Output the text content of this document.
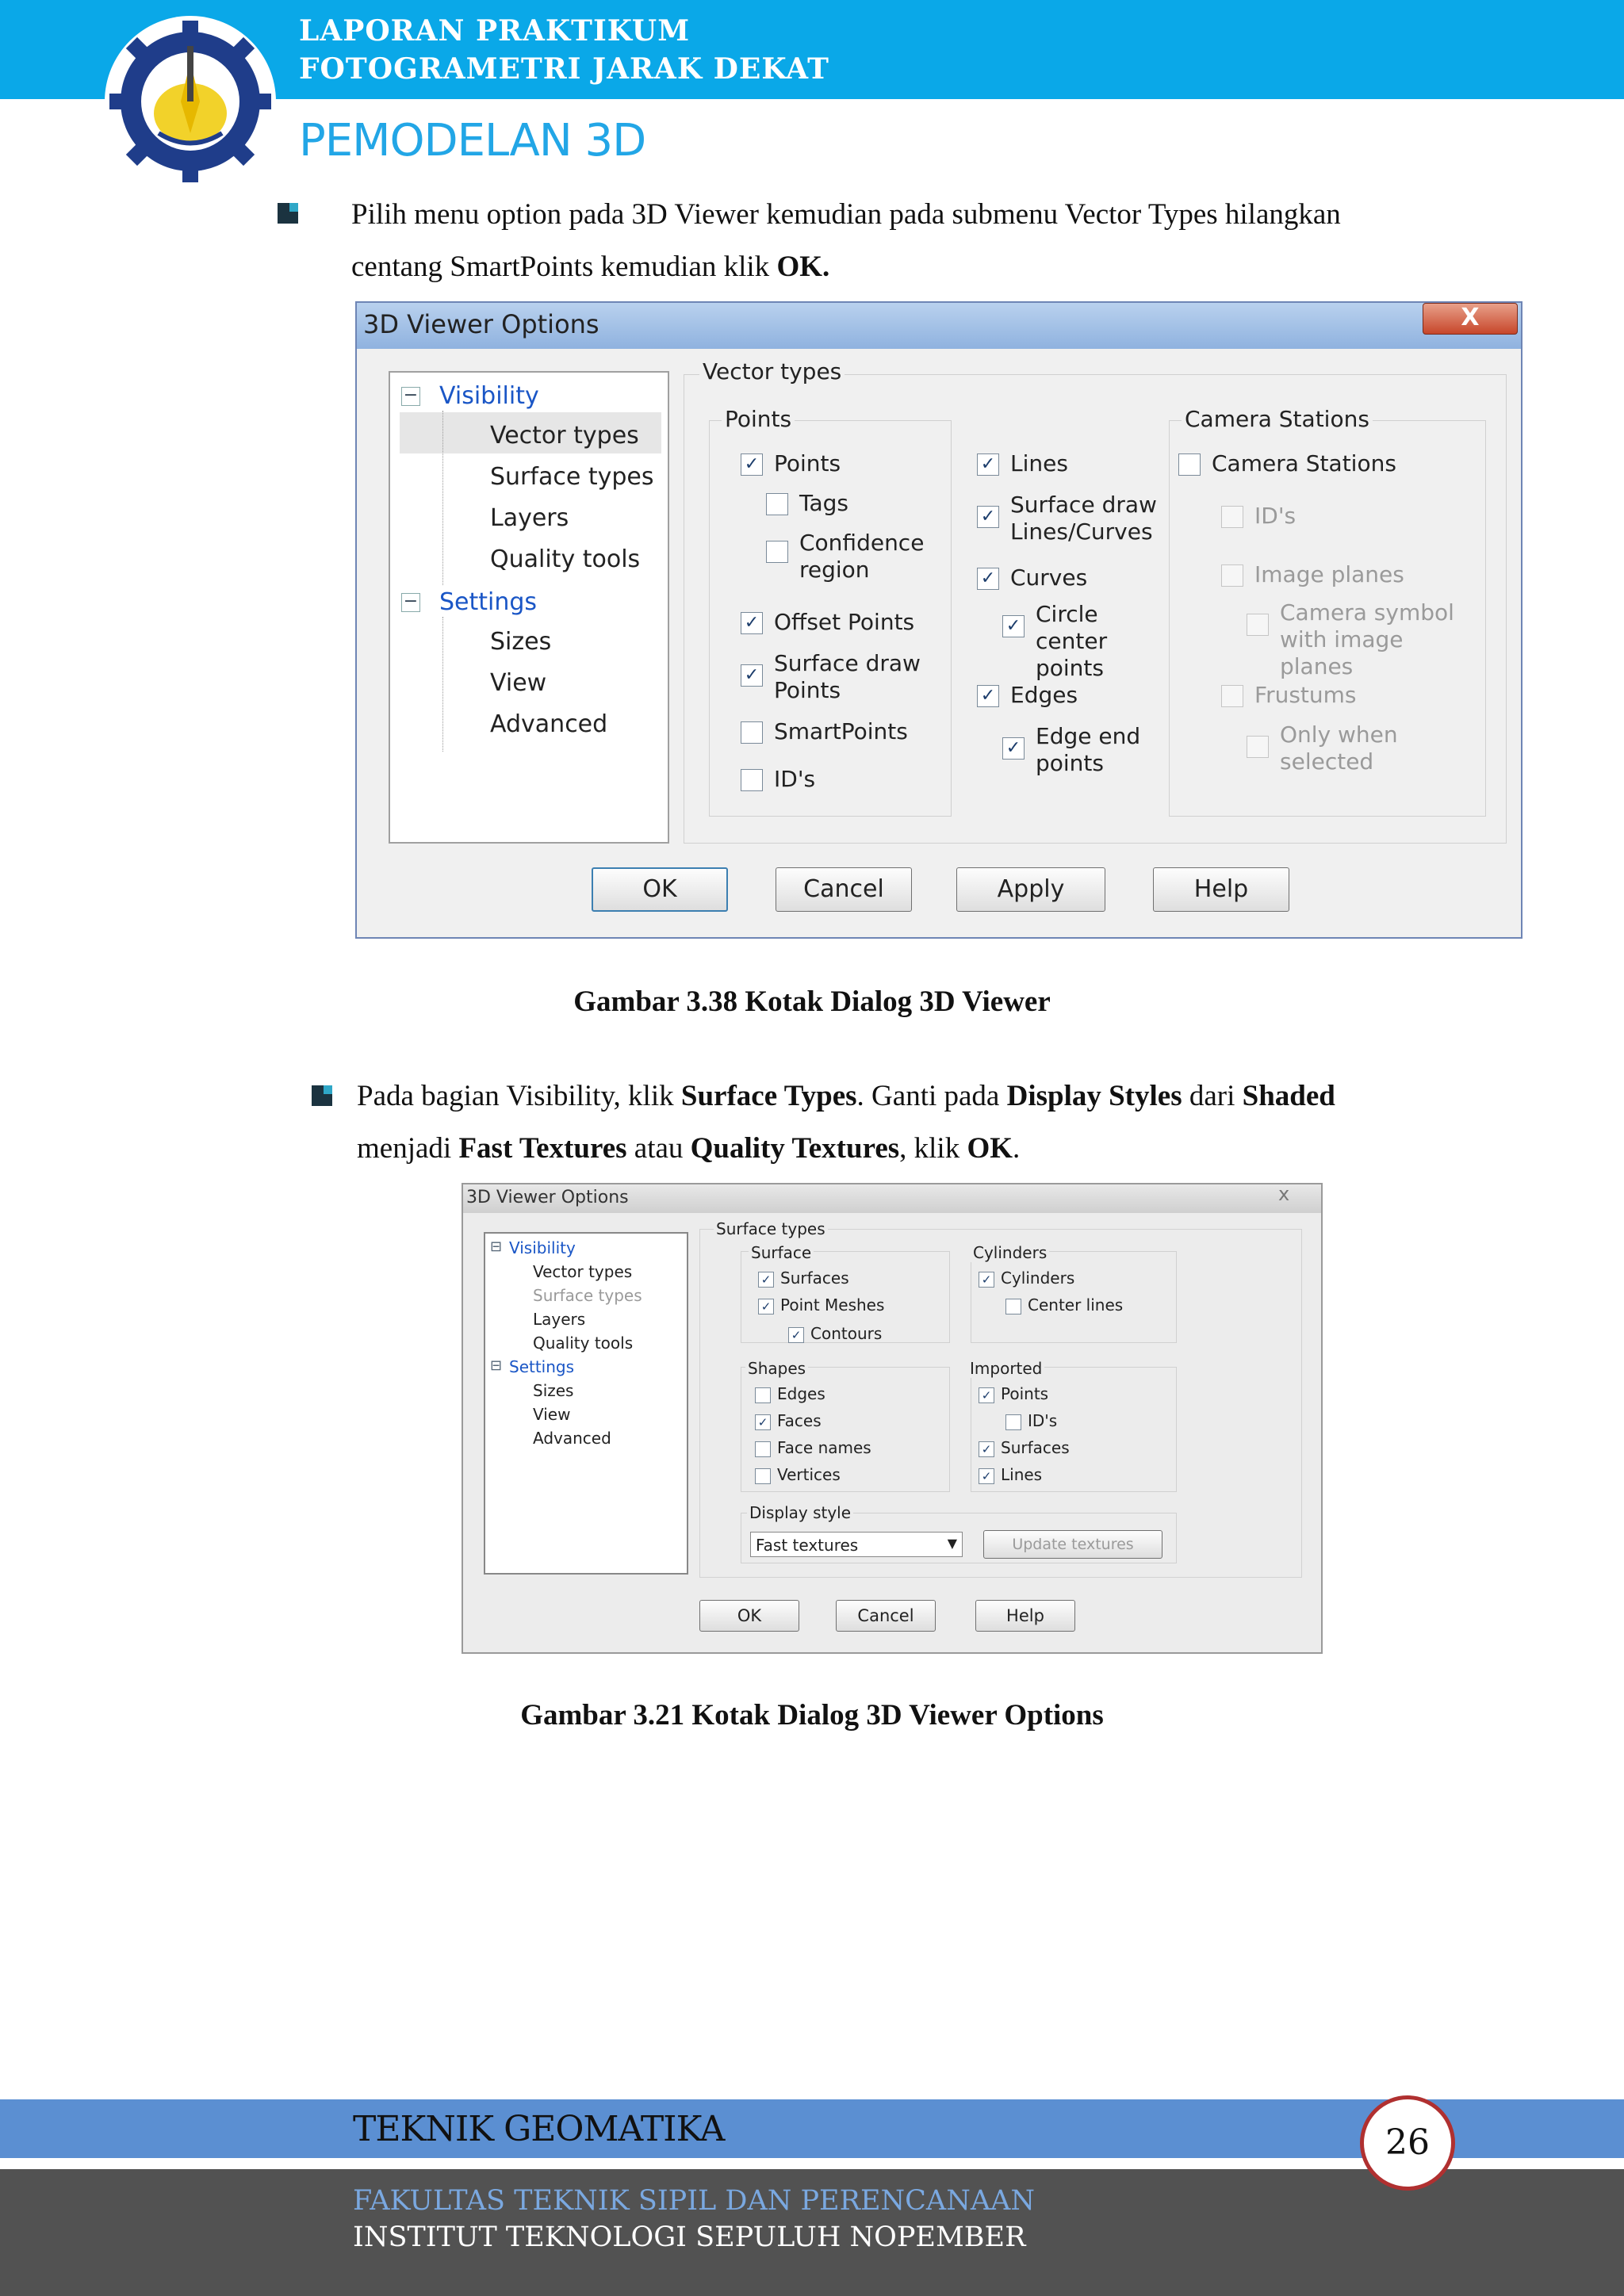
LAPORAN PRAKTIKUM
FOTOGRAMETRI JARAK DEKAT
PEMODELAN 3D
Pilih menu option pada 3D Viewer kemudian pada submenu Vector Types hilangkan
centang SmartPoints kemudian klik OK.
3D Viewer Options	X
− Visibility
Vector types
Surface types
Layers
Quality tools
− Settings
Sizes
View
Advanced
Vector types
Points
✓ Points
Tags
Confidence region
✓ Offset Points
✓ Surface draw Points
SmartPoints
ID's
✓ Lines
✓ Surface draw Lines/Curves
✓ Curves
✓ Circle center points
✓ Edges
✓ Edge end points
Camera Stations
Camera Stations
ID's
Image planes
Camera symbol with image planes
Frustums
Only when selected
OK	Cancel	Apply	Help
Gambar 3.38 Kotak Dialog 3D Viewer
Pada bagian Visibility, klik Surface Types. Ganti pada Display Styles dari Shaded
menjadi Fast Textures atau Quality Textures, klik OK.
3D Viewer Options	x
⊟ Visibility
Vector types
Surface types
Layers
Quality tools
⊟ Settings
Sizes
View
Advanced
Surface types
Surface
✓ Surfaces
✓ Point Meshes
✓ Contours
Cylinders
✓ Cylinders
Center lines
Shapes
Edges
✓ Faces
Face names
Vertices
Imported
✓ Points
ID's
✓ Surfaces
✓ Lines
Display style
Fast textures	▼	Update textures
OK	Cancel	Help
Gambar 3.21 Kotak Dialog 3D Viewer Options
TEKNIK GEOMATIKA
FAKULTAS TEKNIK SIPIL DAN PERENCANAAN
INSTITUT TEKNOLOGI SEPULUH NOPEMBER
26
